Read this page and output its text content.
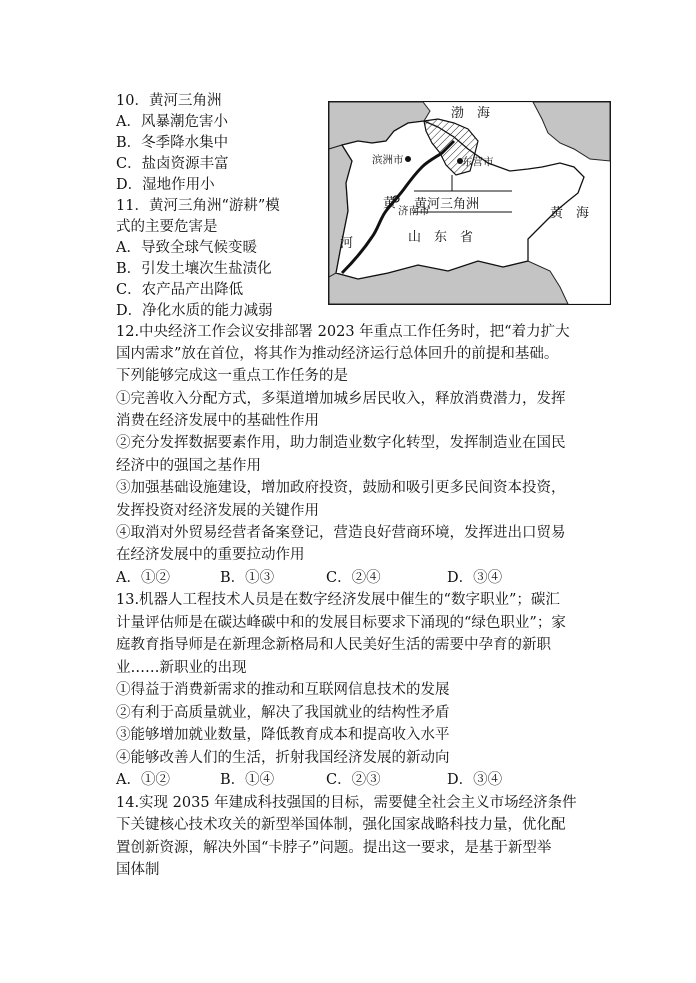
10．黄河三角洲
A．风暴潮危害小
B．冬季降水集中
C．盐卤资源丰富
D．湿地作用小
11．黄河三角洲“游耕”模
式的主要危害是
A．导致全球气候变暖
B．引发土壤次生盐渍化
C．农产品产出降低
D．净化水质的能力减弱
渤　海
黄　海
滨洲市	东营市
济南市
黄河三角洲
山　东　省
黄
河
12.中央经济工作会议安排部署 2023 年重点工作任务时，把“着力扩大
国内需求”放在首位，将其作为推动经济运行总体回升的前提和基础。
下列能够完成这一重点工作任务的是
①完善收入分配方式，多渠道增加城乡居民收入，释放消费潜力，发挥
消费在经济发展中的基础性作用
②充分发挥数据要素作用，助力制造业数字化转型，发挥制造业在国民
经济中的强国之基作用
③加强基础设施建设，增加政府投资，鼓励和吸引更多民间资本投资，
发挥投资对经济发展的关键作用
④取消对外贸易经营者备案登记，营造良好营商环境，发挥进出口贸易
在经济发展中的重要拉动作用
A．①②	B．①③	C．②④	D．③④
13.机器人工程技术人员是在数字经济发展中催生的“数字职业”；碳汇
计量评估师是在碳达峰碳中和的发展目标要求下涌现的“绿色职业”；家
庭教育指导师是在新理念新格局和人民美好生活的需要中孕育的新职
业……新职业的出现
①得益于消费新需求的推动和互联网信息技术的发展
②有利于高质量就业，解决了我国就业的结构性矛盾
③能够增加就业数量，降低教育成本和提高收入水平
④能够改善人们的生活，折射我国经济发展的新动向
A．①②	B．①④	C．②③	D．③④
14.实现 2035 年建成科技强国的目标，需要健全社会主义市场经济条件
下关键核心技术攻关的新型举国体制，强化国家战略科技力量，优化配
置创新资源，解决外国“卡脖子”问题。提出这一要求，是基于新型举
国体制
